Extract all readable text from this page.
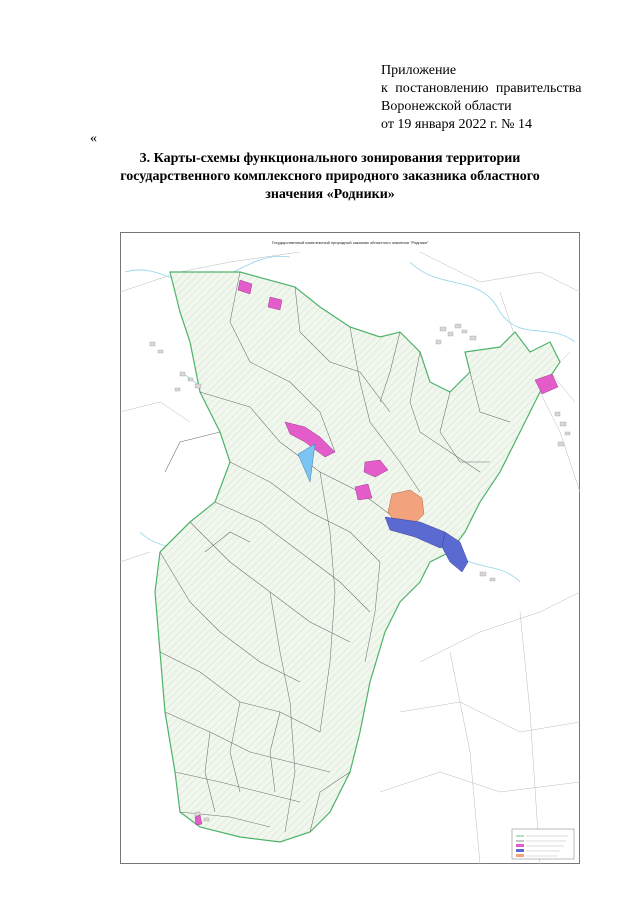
Приложение
к постановлению правительства
Воронежской области
от 19 января 2022 г. № 14
«
3. Карты-схемы функционального зонирования территории государственного комплексного природного заказника областного значения «Родники»
Государственный комплексный природный заказник областного значения "Родники"
